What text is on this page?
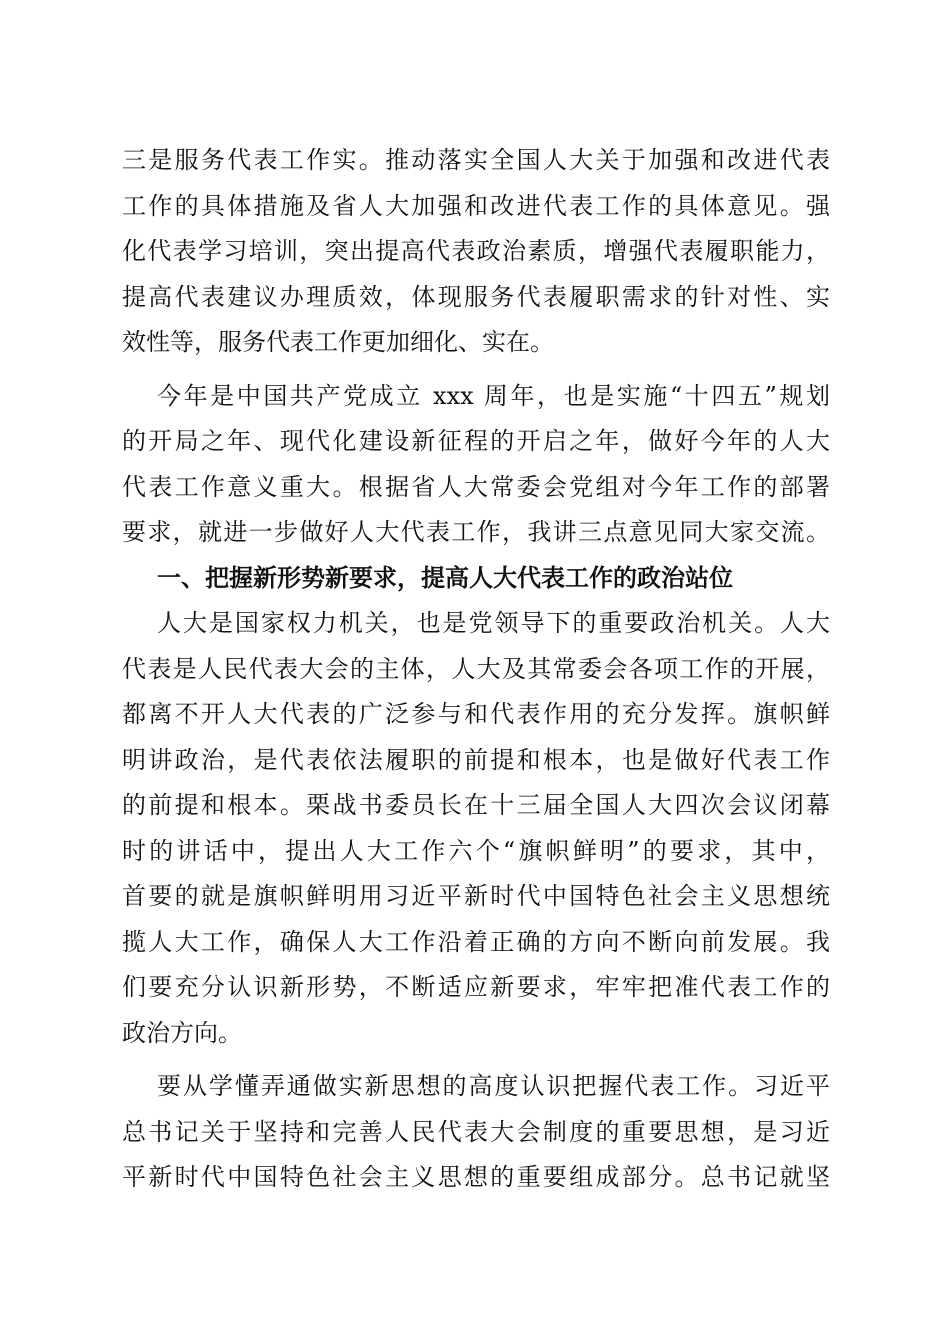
三是服务代表工作实。推动落实全国人大关于加强和改进代表
工作的具体措施及省人大加强和改进代表工作的具体意见。强
化代表学习培训，突出提高代表政治素质，增强代表履职能力，
提高代表建议办理质效，体现服务代表履职需求的针对性、实
效性等，服务代表工作更加细化、实在。
今年是中国共产党成立 xxx 周年，也是实施“十四五”规划
的开局之年、现代化建设新征程的开启之年，做好今年的人大
代表工作意义重大。根据省人大常委会党组对今年工作的部署
要求，就进一步做好人大代表工作，我讲三点意见同大家交流。
一、把握新形势新要求，提高人大代表工作的政治站位
人大是国家权力机关，也是党领导下的重要政治机关。人大
代表是人民代表大会的主体，人大及其常委会各项工作的开展，
都离不开人大代表的广泛参与和代表作用的充分发挥。旗帜鲜
明讲政治，是代表依法履职的前提和根本，也是做好代表工作
的前提和根本。栗战书委员长在十三届全国人大四次会议闭幕
时的讲话中，提出人大工作六个“旗帜鲜明”的要求，其中，
首要的就是旗帜鲜明用习近平新时代中国特色社会主义思想统
揽人大工作，确保人大工作沿着正确的方向不断向前发展。我
们要充分认识新形势，不断适应新要求，牢牢把准代表工作的
政治方向。
要从学懂弄通做实新思想的高度认识把握代表工作。习近平
总书记关于坚持和完善人民代表大会制度的重要思想，是习近
平新时代中国特色社会主义思想的重要组成部分。总书记就坚
